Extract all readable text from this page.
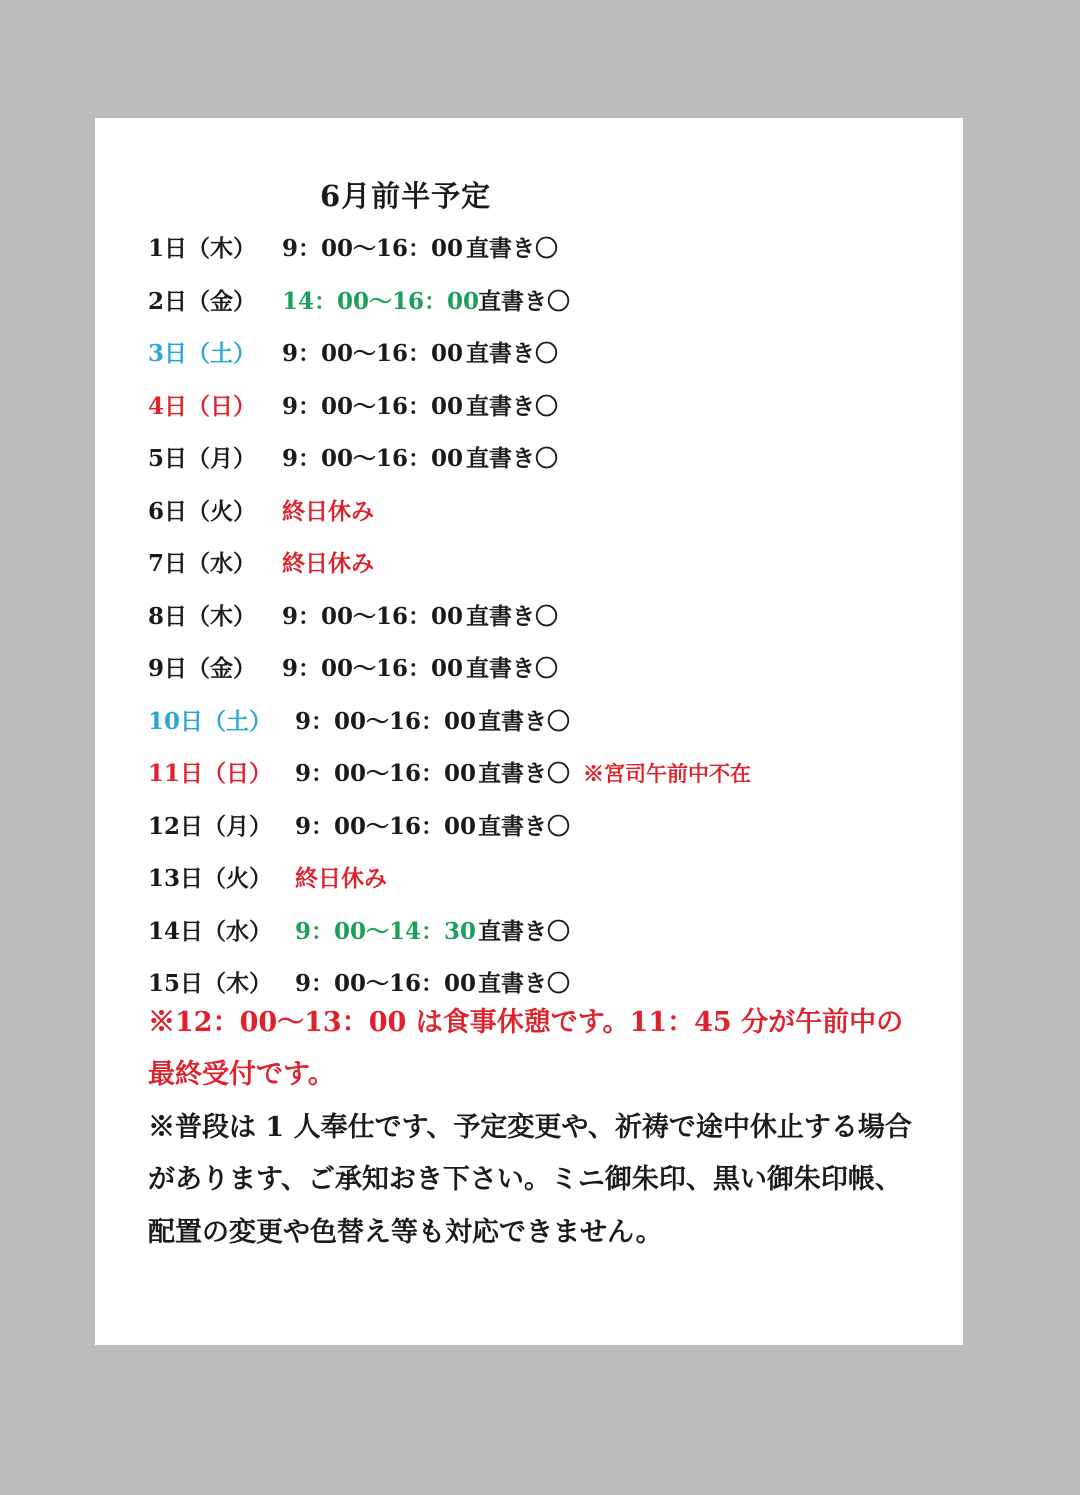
6月前半予定
1日（木） 9：00～16：00 直書き〇
2日（金） 14：00～16：00
直書き〇
3日（土） 9：00～16：00 直書き〇
4日（日） 9：00～16：00 直書き〇
5日（月） 9：00～16：00 直書き〇
6日（火） 終日休み
7日（水） 終日休み
8日（木） 9：00～16：00 直書き〇
9日（金） 9：00～16：00 直書き〇
10日（土） 9：00～16：00 直書き〇
11日（日） 9：00～16：00 直書き〇 ※宮司午前中不在
12日（月） 9：00～16：00 直書き〇
13日（火） 終日休み
14日（水） 9：00～14：30 直書き〇
15日（木） 9：00～16：00 直書き〇

※12：00～13：00 は食事休憩です。11：45 分が午前中の最終受付です。

※普段は 1 人奉仕です、予定変更や、祈祷で途中休止する場合があります、ご承知おき下さい。ミニ御朱印、黒い御朱印帳、配置の変更や色替え等も対応できません。
